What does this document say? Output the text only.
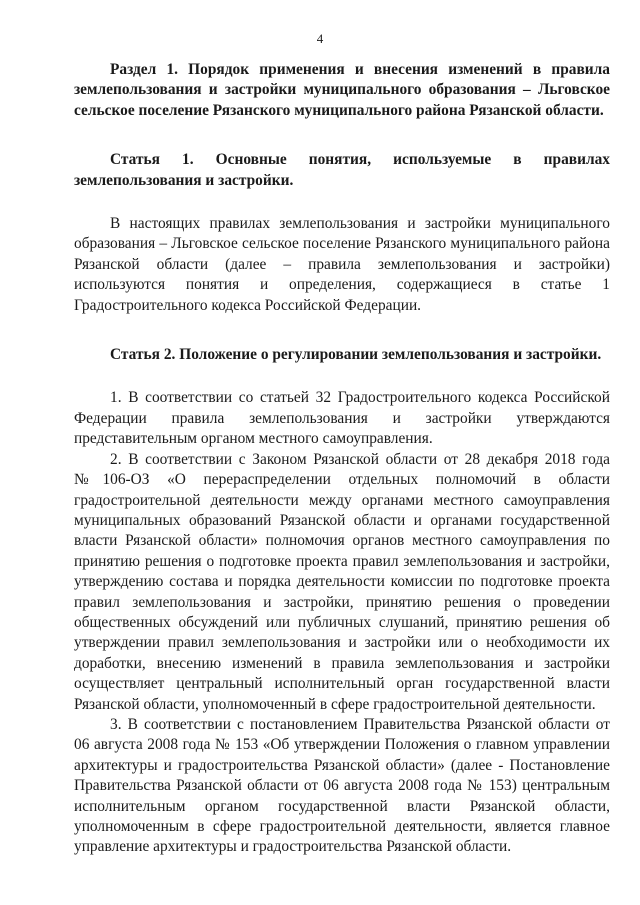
4
Раздел 1. Порядок применения и внесения изменений в правила землепользования и застройки муниципального образования – Льговское сельское поселение Рязанского муниципального района Рязанской области.
Статья 1. Основные понятия, используемые в правилах землепользования и застройки.

В настоящих правилах землепользования и застройки муниципального образования – Льговское сельское поселение Рязанского муниципального района Рязанской области (далее – правила землепользования и застройки) используются понятия и определения, содержащиеся в статье 1 Градостроительного кодекса Российской Федерации.

Статья 2. Положение о регулировании землепользования и застройки.

1. В соответствии со статьей 32 Градостроительного кодекса Российской Федерации правила землепользования и застройки утверждаются представительным органом местного самоуправления.

2. В соответствии с Законом Рязанской области от 28 декабря 2018 года №106-ОЗ «О перераспределении отдельных полномочий в области градостроительной деятельности между органами местного самоуправления муниципальных образований Рязанской области и органами государственной власти Рязанской области» полномочия органов местного самоуправления по принятию решения о подготовке проекта правил землепользования и застройки, утверждению состава и порядка деятельности комиссии по подготовке проекта правил землепользования и застройки, принятию решения о проведении общественных обсуждений или публичных слушаний, принятию решения об утверждении правил землепользования и застройки или о необходимости их доработки, внесению изменений в правила землепользования и застройки осуществляет центральный исполнительный орган государственной власти Рязанской области, уполномоченный в сфере градостроительной деятельности.

3. В соответствии с постановлением Правительства Рязанской области от 06 августа 2008 года № 153 «Об утверждении Положения о главном управлении архитектуры и градостроительства Рязанской области» (далее - Постановление Правительства Рязанской области от 06 августа 2008 года № 153) центральным исполнительным органом государственной власти Рязанской области, уполномоченным в сфере градостроительной деятельности, является главное управление архитектуры и градостроительства Рязанской области.
